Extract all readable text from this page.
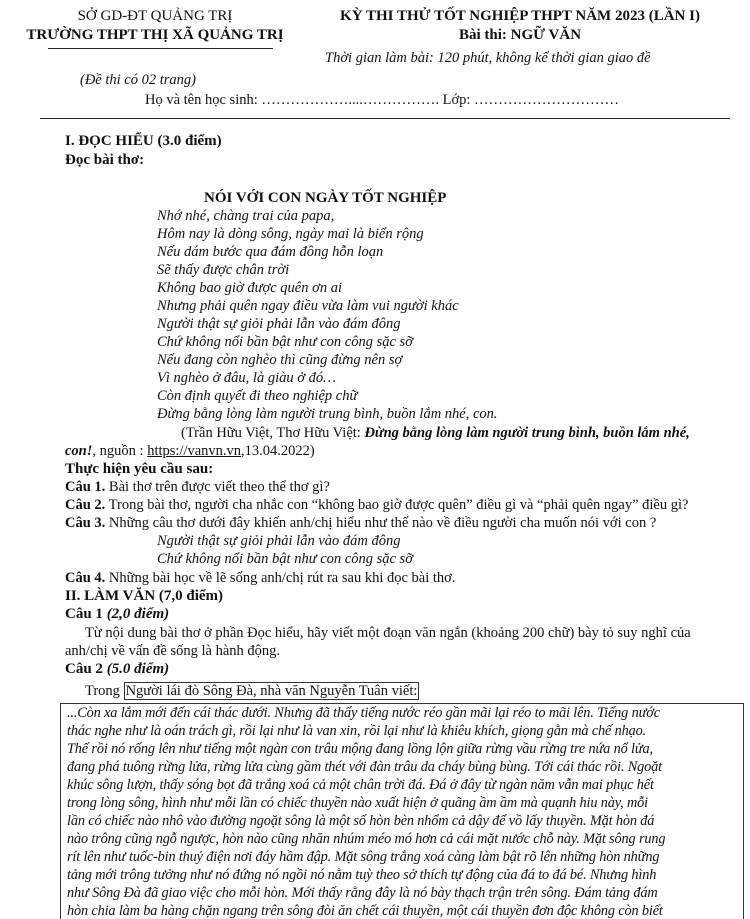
SỞ GD-ĐT QUẢNG TRỊ
TRƯỜNG THPT THỊ XÃ QUẢNG TRỊ
KỲ THI THỬ TỐT NGHIỆP THPT NĂM 2023 (LẦN I)
Bài thi: NGỮ VĂN
Thời gian làm bài: 120 phút, không kể thời gian giao đề
(Đề thi có 02 trang)
Họ và tên học sinh: ………………....……………. Lớp: …………………………
I. ĐỌC HIỂU (3.0 điểm)
Đọc bài thơ:
NÓI VỚI CON NGÀY TỐT NGHIỆP
Nhớ nhé, chàng trai của papa,
Hôm nay là dòng sông, ngày mai là biển rộng
Nếu dám bước qua đám đông hỗn loạn
Sẽ thấy được chân trời
Không bao giờ được quên ơn ai
Nhưng phải quên ngay điều vừa làm vui người khác
Người thật sự giỏi phải lẫn vào đám đông
Chứ không nổi bần bật như con công sặc sỡ
Nếu đang còn nghèo thì cũng đừng nên sợ
Vì nghèo ở đâu, là giàu ở đó…
Còn định quyết đi theo nghiệp chữ
Đừng bằng lòng làm người trung bình, buồn lắm nhé, con.
(Trần Hữu Việt, Thơ Hữu Việt: Đừng bằng lòng làm người trung bình, buồn lắm nhé,
con!, nguồn : https://vanvn.vn,13.04.2022)
Thực hiện yêu cầu sau:
Câu 1. Bài thơ trên được viết theo thể thơ gì?
Câu 2. Trong bài thơ, người cha nhắc con “không bao giờ được quên” điều gì và “phải quên ngay” điều gì?
Câu 3. Những câu thơ dưới đây khiến anh/chị hiểu như thế nào về điều người cha muốn nói với con ?
Người thật sự giỏi phải lẫn vào đám đông
Chứ không nổi bần bật như con công sặc sỡ
Câu 4. Những bài học về lẽ sống anh/chị rút ra sau khi đọc bài thơ.
II. LÀM VĂN (7,0 điểm)
Câu 1 (2,0 điểm)
Từ nội dung bài thơ ở phần Đọc hiểu, hãy viết một đoạn văn ngắn (khoảng 200 chữ) bày tỏ suy nghĩ của
anh/chị về vấn đề sống là hành động.
Câu 2 (5.0 điểm)
Trong Người lái đò Sông Đà, nhà văn Nguyễn Tuân viết:
...Còn xa lắm mới đến cái thác dưới. Nhưng đã thấy tiếng nước réo gần mãi lại réo to mãi lên. Tiếng nước
thác nghe như là oán trách gì, rồi lại như là van xin, rồi lại như là khiêu khích, giọng gằn mà chế nhạo.
Thế rồi nó rống lên như tiếng một ngàn con trâu mộng đang lồng lộn giữa rừng vầu rừng tre nứa nổ lửa,
đang phá tuông rừng lửa, rừng lửa cùng gầm thét với đàn trâu da cháy bùng bùng. Tới cái thác rồi. Ngoặt
khúc sông lượn, thấy sóng bọt đã trắng xoá cả một chân trời đá. Đá ở đây từ ngàn năm vẫn mai phục hết
trong lòng sông, hình như mỗi lần có chiếc thuyền nào xuất hiện ở quãng ầm ầm mà quạnh hiu này, mỗi
lần có chiếc nào nhô vào đường ngoặt sông là một số hòn bèn nhổm cả dậy để vồ lấy thuyền. Mặt hòn đá
nào trông cũng ngỗ ngược, hòn nào cũng nhăn nhúm méo mó hơn cả cái mặt nước chỗ này. Mặt sông rung
rít lên như tuốc-bin thuỷ điện nơi đáy hầm đập. Mặt sông trắng xoá càng làm bật rõ lên những hòn những
tảng mới trông tưởng như nó đứng nó ngồi nó nằm tuỳ theo sở thích tự động của đá to đá bé. Nhưng hình
như Sông Đà đã giao việc cho mỗi hòn. Mới thấy rằng đây là nó bày thạch trận trên sông. Đám tảng đám
hòn chia làm ba hàng chặn ngang trên sông đòi ăn chết cái thuyền, một cái thuyền đơn độc không còn biết
